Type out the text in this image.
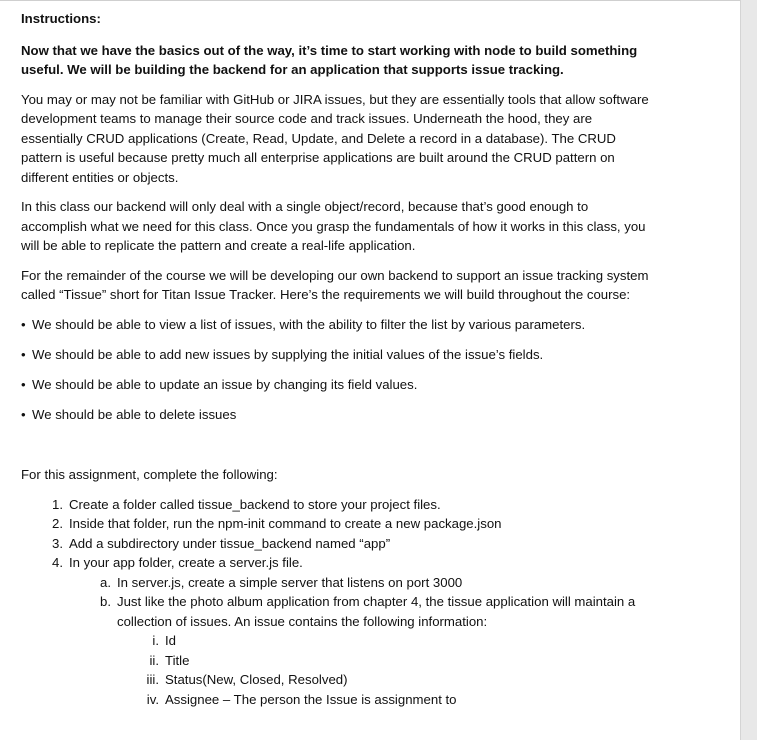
Instructions:
Now that we have the basics out of the way, it’s time to start working with node to build something useful. We will be building the backend for an application that supports issue tracking.

You may or may not be familiar with GitHub or JIRA issues, but they are essentially tools that allow software development teams to manage their source code and track issues. Underneath the hood, they are essentially CRUD applications (Create, Read, Update, and Delete a record in a database). The CRUD pattern is useful because pretty much all enterprise applications are built around the CRUD pattern on different entities or objects.

In this class our backend will only deal with a single object/record, because that’s good enough to accomplish what we need for this class. Once you grasp the fundamentals of how it works in this class, you will be able to replicate the pattern and create a real-life application.

For the remainder of the course we will be developing our own backend to support an issue tracking system called “Tissue” short for Titan Issue Tracker. Here’s the requirements we will build throughout the course:

• We should be able to view a list of issues, with the ability to filter the list by various parameters.
• We should be able to add new issues by supplying the initial values of the issue’s fields.
• We should be able to update an issue by changing its field values.
• We should be able to delete issues
For this assignment, complete the following:
1. Create a folder called tissue_backend to store your project files.
2. Inside that folder, run the npm-init command to create a new package.json
3. Add a subdirectory under tissue_backend named “app”
4. In your app folder, create a server.js file.
a. In server.js, create a simple server that listens on port 3000
b. Just like the photo album application from chapter 4, the tissue application will maintain a collection of issues. An issue contains the following information:
i. Id
ii. Title
iii. Status(New, Closed, Resolved)
iv. Assignee – The person the Issue is assignment to
